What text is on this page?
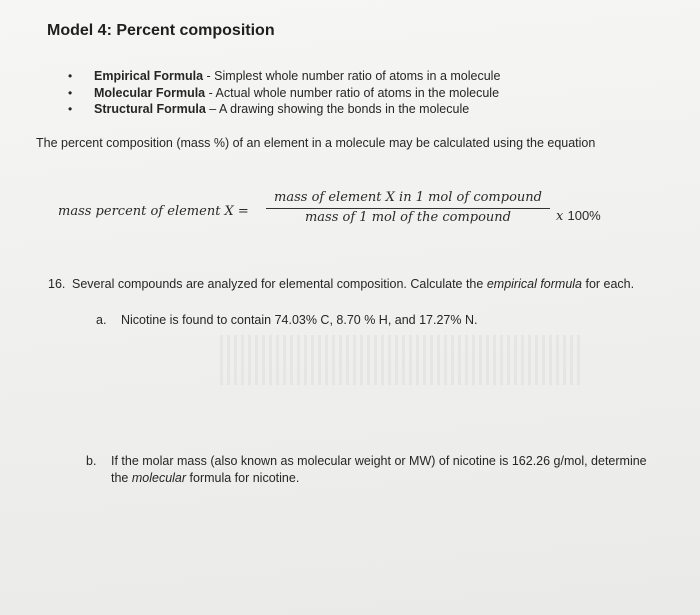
Model 4: Percent composition
• Empirical Formula - Simplest whole number ratio of atoms in a molecule
• Molecular Formula - Actual whole number ratio of atoms in the molecule
• Structural Formula – A drawing showing the bonds in the molecule
The percent composition (mass %) of an element in a molecule may be calculated using the equation
mass percent of element X =
mass of element X in 1 mol of compound
mass of 1 mol of the compound	x 100%
16. Several compounds are analyzed for elemental composition. Calculate the empirical formula for each.
a.	Nicotine is found to contain 74.03% C, 8.70 % H, and 17.27% N.
b.	If the molar mass (also known as molecular weight or MW) of nicotine is 162.26 g/mol, determine the molecular formula for nicotine.
